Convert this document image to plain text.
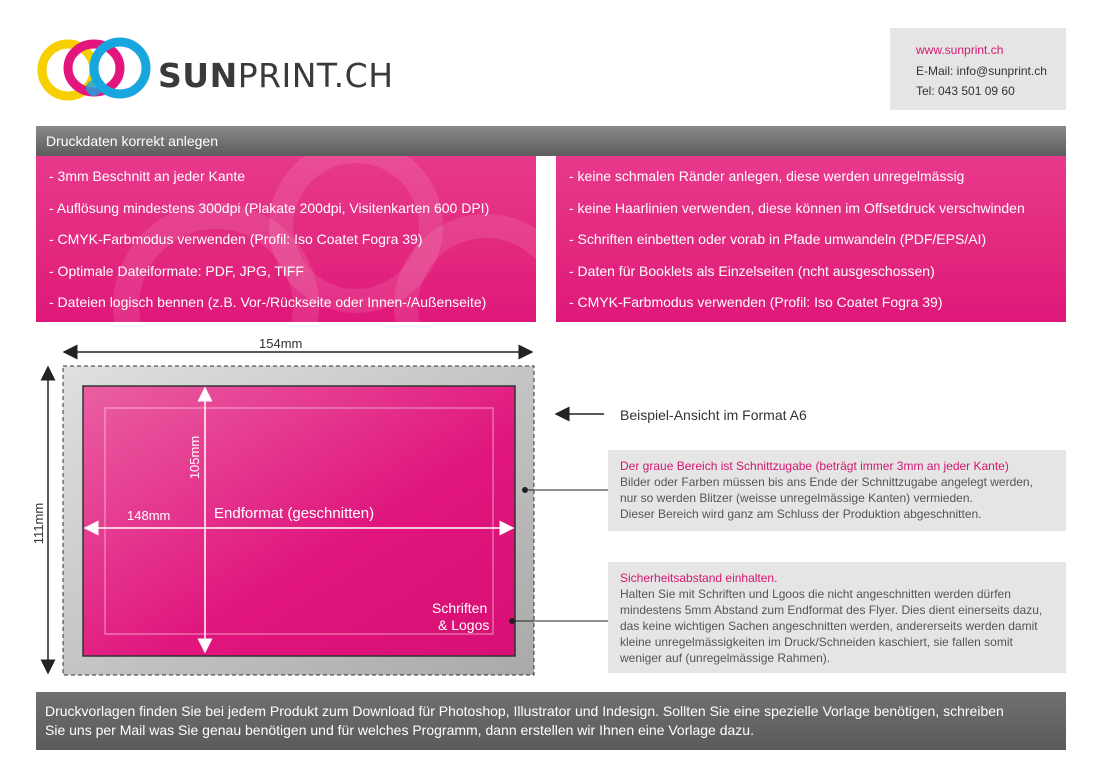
SUNPRINT.CH
www.sunprint.ch
E-Mail: info@sunprint.ch
Tel: 043 501 09 60
Druckdaten korrekt anlegen
- 3mm Beschnitt an jeder Kante
- Auflösung mindestens 300dpi (Plakate 200dpi, Visitenkarten 600 DPI)
- CMYK-Farbmodus verwenden (Profil: Iso Coatet Fogra 39)
- Optimale Dateiformate: PDF, JPG, TIFF
- Dateien logisch bennen (z.B. Vor-/Rückseite oder Innen-/Außenseite)
- keine schmalen Ränder anlegen, diese werden unregelmässig
- keine Haarlinien verwenden, diese können im Offsetdruck verschwinden
- Schriften einbetten oder vorab in Pfade umwandeln (PDF/EPS/AI)
- Daten für Booklets als Einzelseiten (ncht ausgeschossen)
- CMYK-Farbmodus verwenden (Profil: Iso Coatet Fogra 39)
154mm
111mm
105mm
148mm	Endformat (geschnitten)
Schriften
& Logos
Beispiel-Ansicht im Format A6
Der graue Bereich ist Schnittzugabe (beträgt immer 3mm an jeder Kante)
Bilder oder Farben müssen bis ans Ende der Schnittzugabe angelegt werden,
nur so werden Blitzer (weisse unregelmässige Kanten) vermieden.
Dieser Bereich wird ganz am Schluss der Produktion abgeschnitten.
Sicherheitsabstand einhalten.
Halten Sie mit Schriften und Lgoos die nicht angeschnitten werden dürfen
mindestens 5mm Abstand zum Endformat des Flyer. Dies dient einerseits dazu,
das keine wichtigen Sachen angeschnitten werden, andererseits werden damit
kleine unregelmässigkeiten im Druck/Schneiden kaschiert, sie fallen somit
weniger auf (unregelmässige Rahmen).
Druckvorlagen finden Sie bei jedem Produkt zum Download für Photoshop, Illustrator und Indesign. Sollten Sie eine spezielle Vorlage benötigen, schreiben
Sie uns per Mail was Sie genau benötigen und für welches Programm, dann erstellen wir Ihnen eine Vorlage dazu.
